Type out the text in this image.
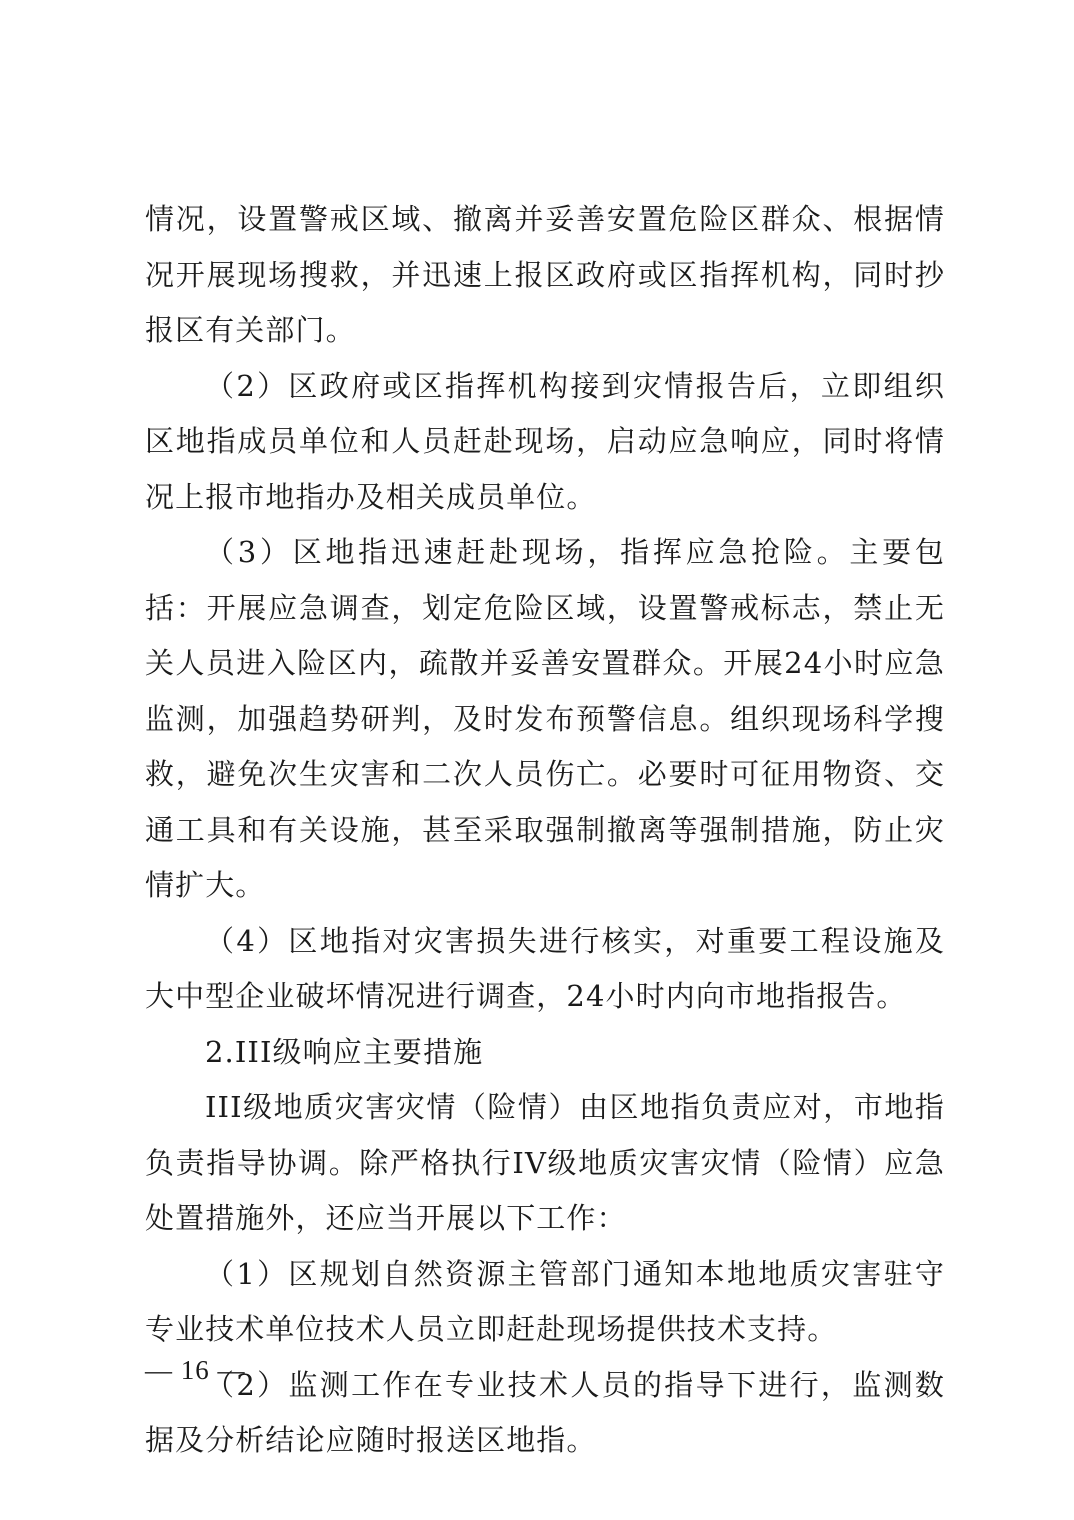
情况，设置警戒区域、撤离并妥善安置危险区群众、根据情况开展现场搜救，并迅速上报区政府或区指挥机构，同时抄报区有关部门。

（2）区政府或区指挥机构接到灾情报告后，立即组织区地指成员单位和人员赶赴现场，启动应急响应，同时将情况上报市地指办及相关成员单位。

（3）区地指迅速赶赴现场，指挥应急抢险。主要包括：开展应急调查，划定危险区域，设置警戒标志，禁止无关人员进入险区内，疏散并妥善安置群众。开展24小时应急监测，加强趋势研判，及时发布预警信息。组织现场科学搜救，避免次生灾害和二次人员伤亡。必要时可征用物资、交通工具和有关设施，甚至采取强制撤离等强制措施，防止灾情扩大。

（4）区地指对灾害损失进行核实，对重要工程设施及大中型企业破坏情况进行调查，24小时内向市地指报告。

2.III级响应主要措施

III级地质灾害灾情（险情）由区地指负责应对，市地指负责指导协调。除严格执行IV级地质灾害灾情（险情）应急处置措施外，还应当开展以下工作：

（1）区规划自然资源主管部门通知本地地质灾害驻守专业技术单位技术人员立即赶赴现场提供技术支持。

（2）监测工作在专业技术人员的指导下进行，监测数据及分析结论应随时报送区地指。

— 16 —
